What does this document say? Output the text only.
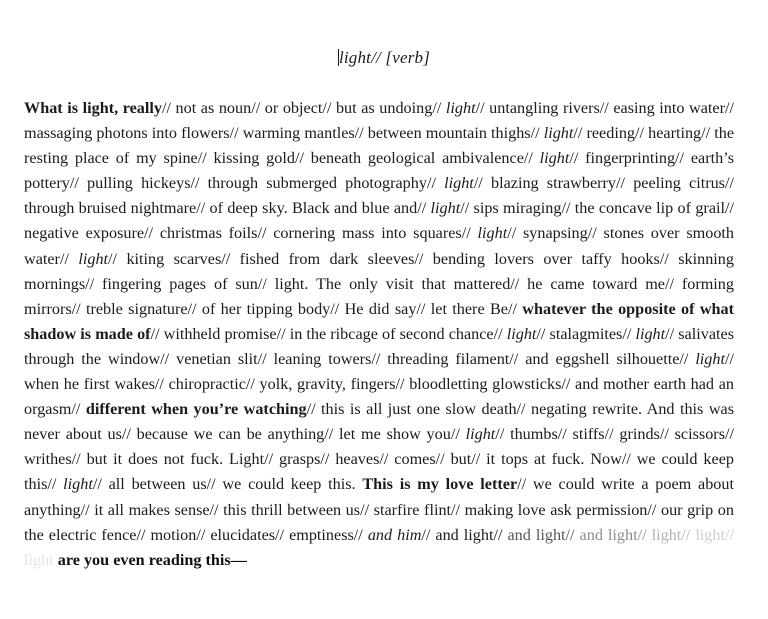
light// [verb]

What is light, really// not as noun// or object// but as undoing// light// untangling rivers// easing into water// massaging photons into flowers// warming mantles// between mountain thighs// light// reeding// hearting// the resting place of my spine// kissing gold// beneath geological ambivalence// light// fingerprinting// earth’s pottery// pulling hickeys// through submerged photography// light// blazing strawberry// peeling citrus// through bruised nightmare// of deep sky. Black and blue and// light// sips miraging// the concave lip of grail// negative exposure// christmas foils// cornering mass into squares// light// synapsing// stones over smooth water// light// kiting scarves// fished from dark sleeves// bending lovers over taffy hooks// skinning mornings// fingering pages of sun// light. The only visit that mattered// he came toward me// forming mirrors// treble signature// of her tipping body// He did say// let there Be// whatever the opposite of what shadow is made of// withheld promise// in the ribcage of second chance// light// stalagmites// light// salivates through the window// venetian slit// leaning towers// threading filament// and eggshell silhouette// light// when he first wakes// chiropractic// yolk, gravity, fingers// bloodletting glowsticks// and mother earth had an orgasm// different when you’re watching// this is all just one slow death// negating rewrite. And this was never about us// because we can be anything// let me show you// light// thumbs// stiffs// grinds// scissors// writhes// but it does not fuck. Light// grasps// heaves// comes// but// it tops at fuck. Now// we could keep this// light// all between us// we could keep this. This is my love letter// we could write a poem about anything// it all makes sense// this thrill between us// starfire flint// making love ask permission// our grip on the electric fence// motion// elucidates// emptiness// and him// and light// and light// and light// light// light// light are you even reading this—
